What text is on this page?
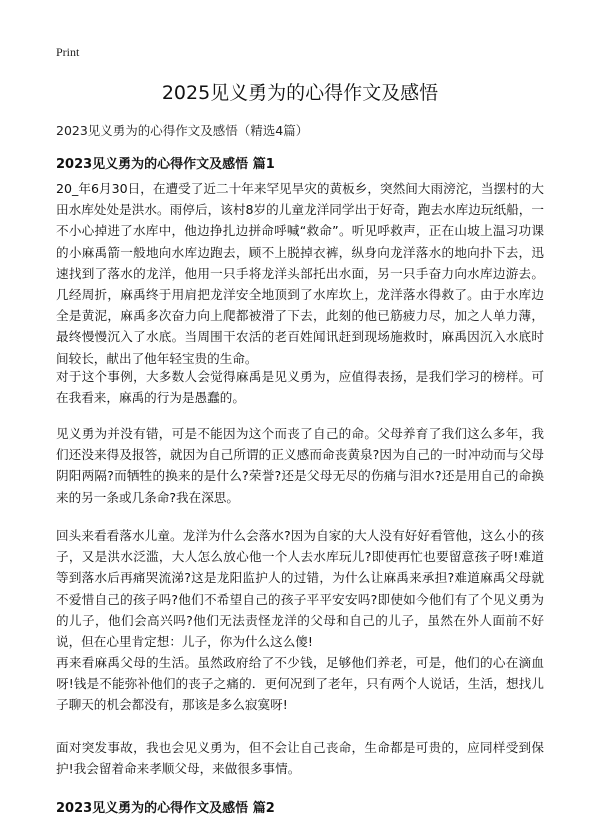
Print
2025见义勇为的心得作文及感悟
2023见义勇为的心得作文及感悟（精选4篇）
2023见义勇为的心得作文及感悟 篇1

20_年6月30日，在遭受了近二十年来罕见旱灾的黄板乡，突然间大雨滂沱，当摆村的大田水库处处是洪水。雨停后，该村8岁的儿童龙洋同学出于好奇，跑去水库边玩纸船，一不小心掉进了水库中，他边挣扎边拼命呼喊“救命”。听见呼救声，正在山坡上温习功课的小麻禹箭一般地向水库边跑去，顾不上脱掉衣裤，纵身向龙洋落水的地向扑下去，迅速找到了落水的龙洋，他用一只手将龙洋头部托出水面，另一只手奋力向水库边游去。几经周折，麻禹终于用肩把龙洋安全地顶到了水库坎上，龙洋落水得救了。由于水库边全是黄泥，麻禹多次奋力向上爬都被滑了下去，此刻的他已筋疲力尽，加之人单力薄，最终慢慢沉入了水底。当周围干农活的老百姓闻讯赶到现场施救时，麻禹因沉入水底时间较长，献出了他年轻宝贵的生命。

对于这个事例，大多数人会觉得麻禹是见义勇为，应值得表扬，是我们学习的榜样。可在我看来，麻禹的行为是愚蠢的。

见义勇为并没有错，可是不能因为这个而丧了自己的命。父母养育了我们这么多年，我们还没来得及报答，就因为自己所谓的正义感而命丧黄泉?因为自己的一时冲动而与父母阴阳两隔?而牺牲的换来的是什么?荣誉?还是父母无尽的伤痛与泪水?还是用自己的命换来的另一条或几条命?我在深思。

回头来看看落水儿童。龙洋为什么会落水?因为自家的大人没有好好看管他，这么小的孩子，又是洪水泛滥，大人怎么放心他一个人去水库玩儿?即使再忙也要留意孩子呀!难道等到落水后再痛哭流涕?这是龙阳监护人的过错，为什么让麻禹来承担?难道麻禹父母就不爱惜自己的孩子吗?他们不希望自己的孩子平平安安吗?即使如今他们有了个见义勇为的儿子，他们会高兴吗?他们无法责怪龙洋的父母和自己的儿子，虽然在外人面前不好说，但在心里肯定想：儿子，你为什么这么傻!

再来看麻禹父母的生活。虽然政府给了不少钱，足够他们养老，可是，他们的心在滴血呀!钱是不能弥补他们的丧子之痛的．更何况到了老年，只有两个人说话，生活，想找儿子聊天的机会都没有，那该是多么寂寞呀!

面对突发事故，我也会见义勇为，但不会让自己丧命，生命都是可贵的，应同样受到保护!我会留着命来孝顺父母，来做很多事情。

2023见义勇为的心得作文及感悟 篇2
